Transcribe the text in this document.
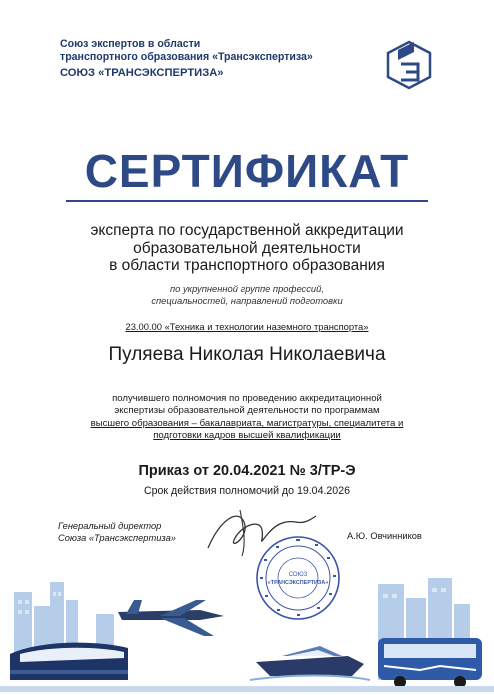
Союз экспертов в области
транспортного образования «Трансэкспертиза»
СОЮЗ «ТРАНСЭКСПЕРТИЗА»
СЕРТИФИКАТ
эксперта по государственной аккредитации
образовательной деятельности
в области транспортного образования
по укрупненной группе профессий,
специальностей, направлений подготовки
23.00.00 «Техника и технологии наземного транспорта»
Пуляева Николая Николаевича
получившего полномочия по проведению аккредитационной
экспертизы образовательной деятельности по программам
высшего образования – бакалавриата, магистратуры, специалитета и
подготовки кадров высшей квалификации
Приказ от 20.04.2021 № 3/ТР-Э
Срок действия полномочий до 19.04.2026
Генеральный директор
Союза «Трансэкспертиза»
СОЮЗ
«ТРАНСЭКСПЕРТИЗА»
А.Ю. Овчинников
